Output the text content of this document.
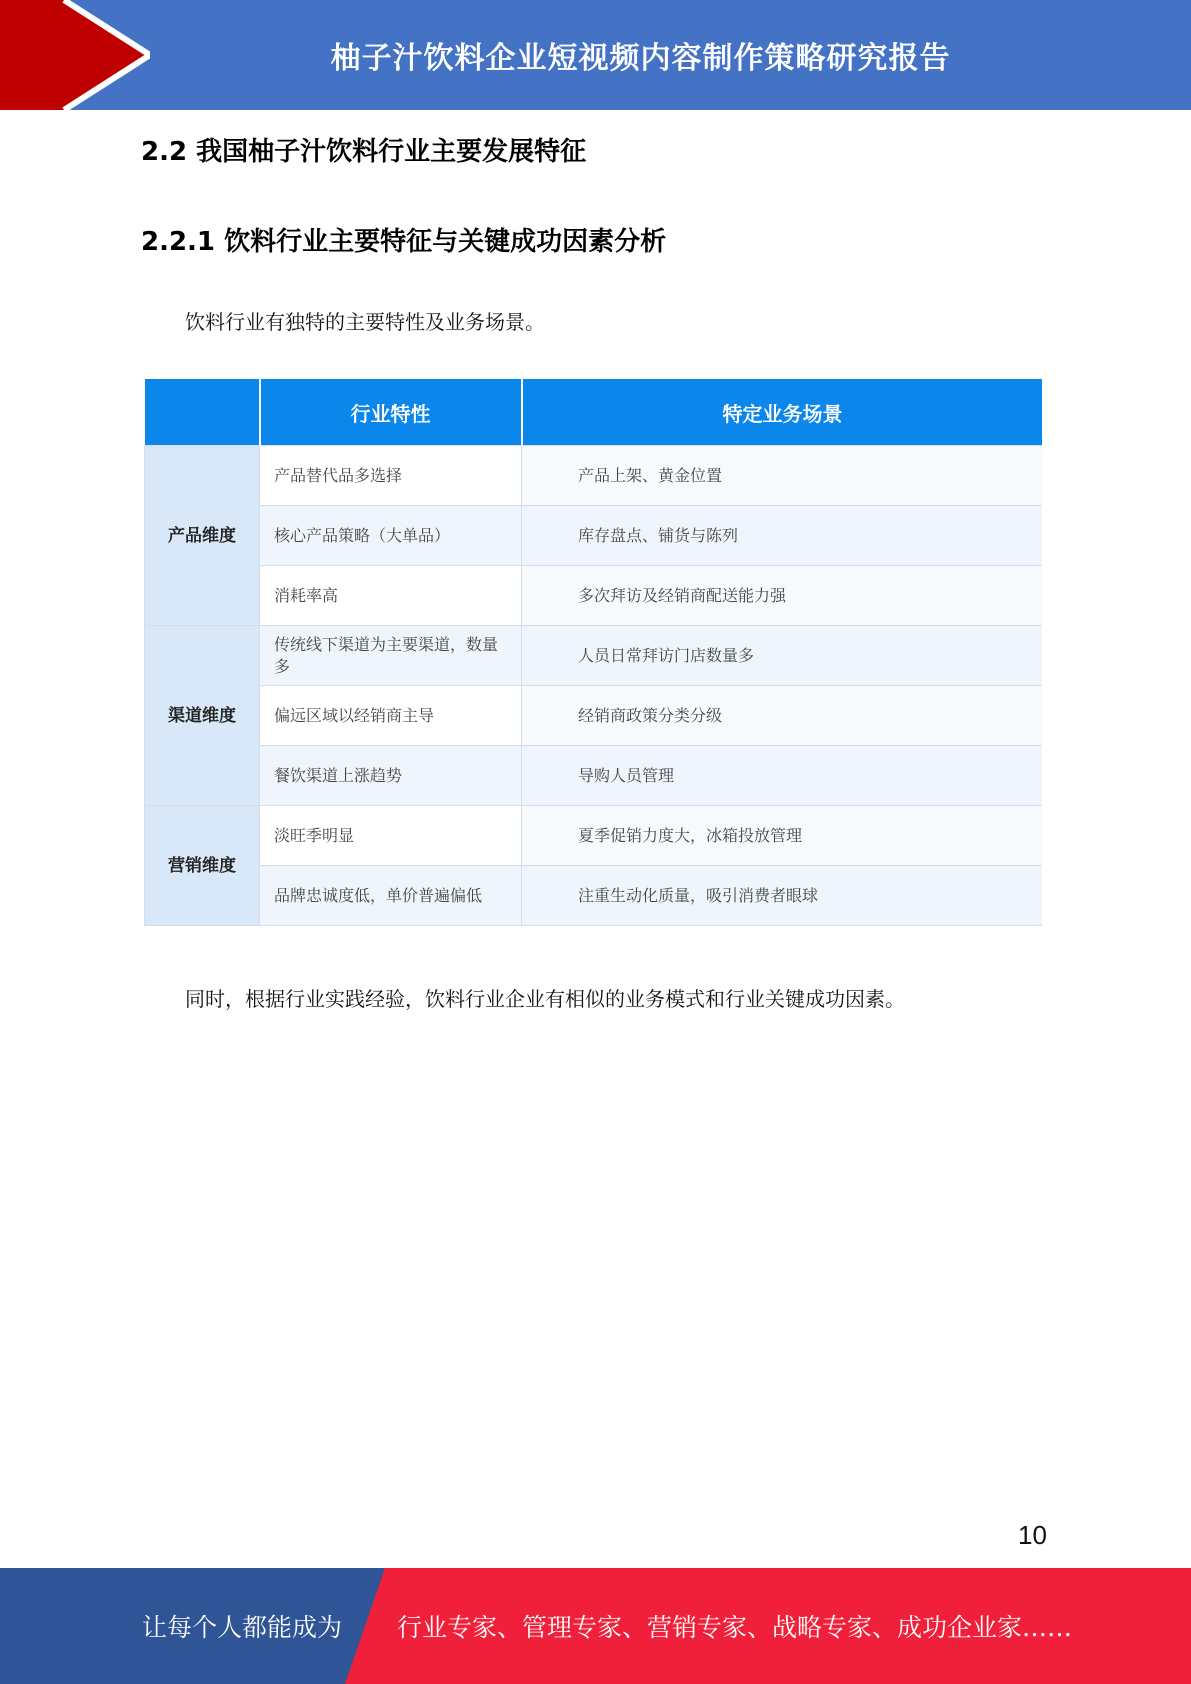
柚子汁饮料企业短视频内容制作策略研究报告
2.2 我国柚子汁饮料行业主要发展特征
2.2.1 饮料行业主要特征与关键成功因素分析
饮料行业有独特的主要特性及业务场景。
	行业特性	特定业务场景
产品维度	产品替代品多选择	产品上架、黄金位置
	核心产品策略（大单品）	库存盘点、铺货与陈列
	消耗率高	多次拜访及经销商配送能力强
渠道维度	传统线下渠道为主要渠道，数量多	人员日常拜访门店数量多
	偏远区域以经销商主导	经销商政策分类分级
	餐饮渠道上涨趋势	导购人员管理
营销维度	淡旺季明显	夏季促销力度大，冰箱投放管理
	品牌忠诚度低，单价普遍偏低	注重生动化质量，吸引消费者眼球
同时，根据行业实践经验，饮料行业企业有相似的业务模式和行业关键成功因素。
10
让每个人都能成为 行业专家、管理专家、营销专家、战略专家、成功企业家……
